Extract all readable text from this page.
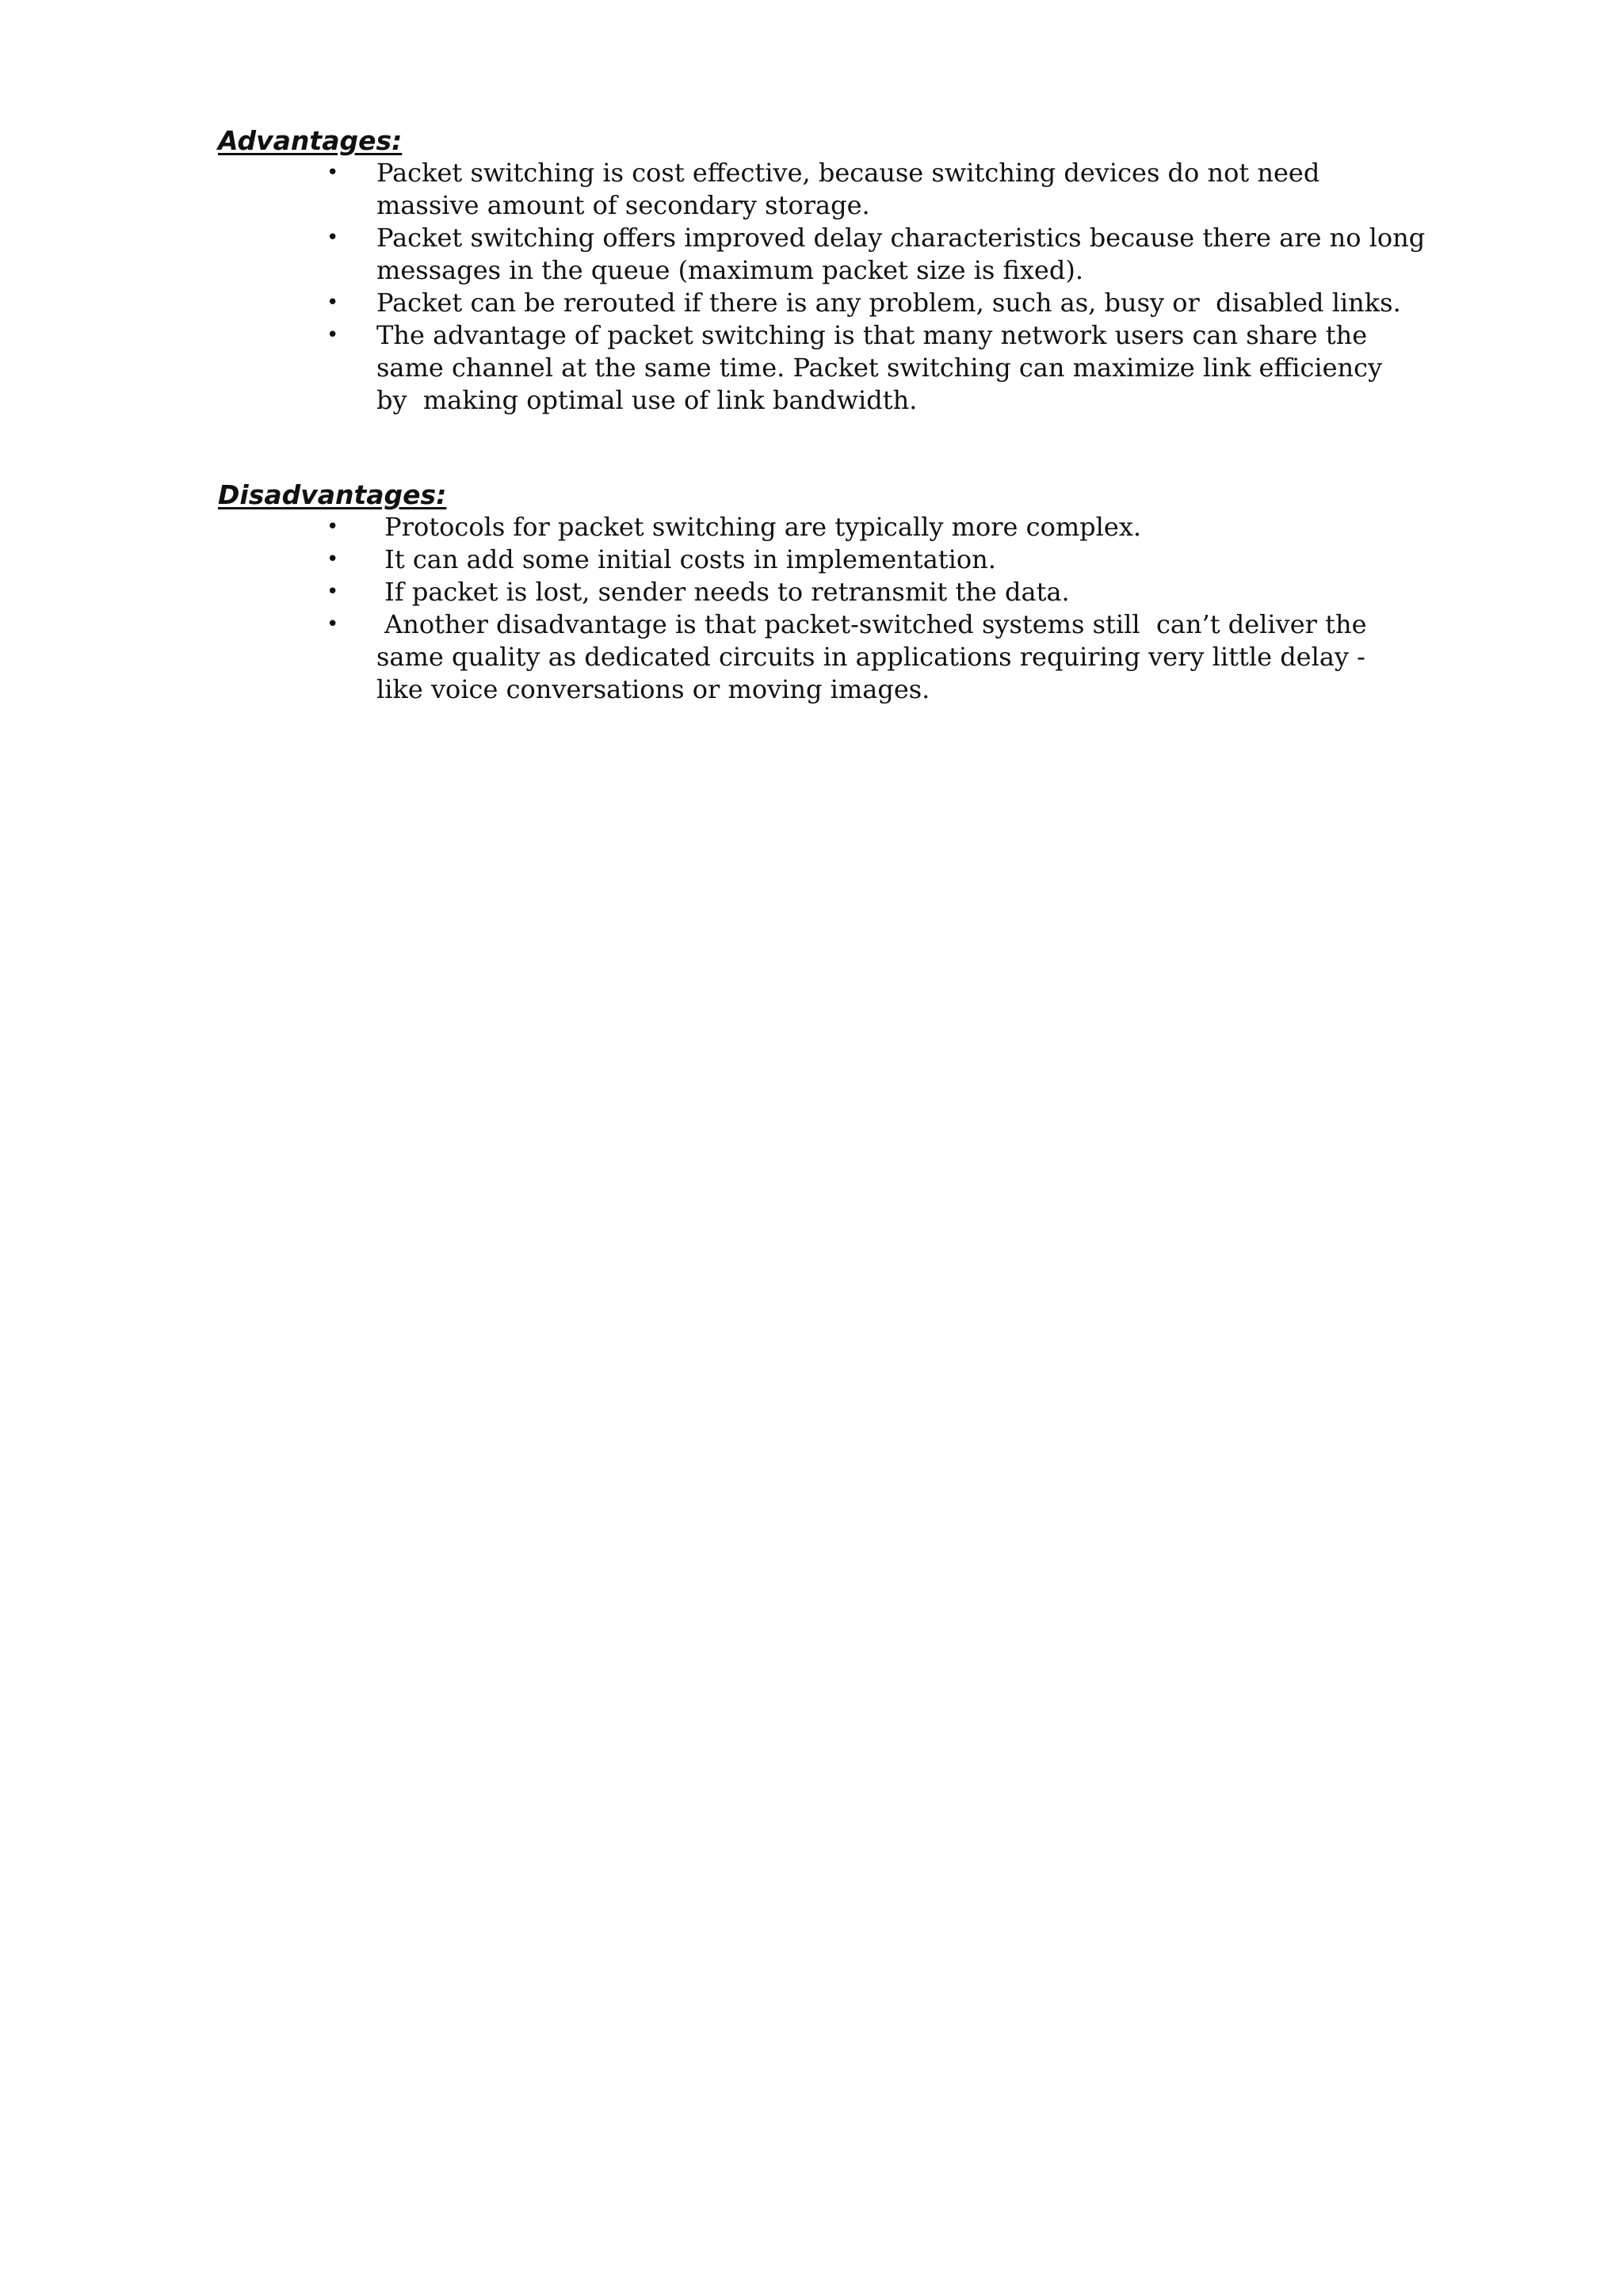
Advantages:
• Packet switching is cost effective, because switching devices do not need
massive amount of secondary storage.
• Packet switching offers improved delay characteristics because there are no long
messages in the queue (maximum packet size is fixed).
• Packet can be rerouted if there is any problem, such as, busy or  disabled links.
• The advantage of packet switching is that many network users can share the
same channel at the same time. Packet switching can maximize link efficiency
by  making optimal use of link bandwidth.
Disadvantages:
• Protocols for packet switching are typically more complex.
• It can add some initial costs in implementation.
• If packet is lost, sender needs to retransmit the data.
• Another disadvantage is that packet-switched systems still  can’t deliver the
same quality as dedicated circuits in applications requiring very little delay -
like voice conversations or moving images.
